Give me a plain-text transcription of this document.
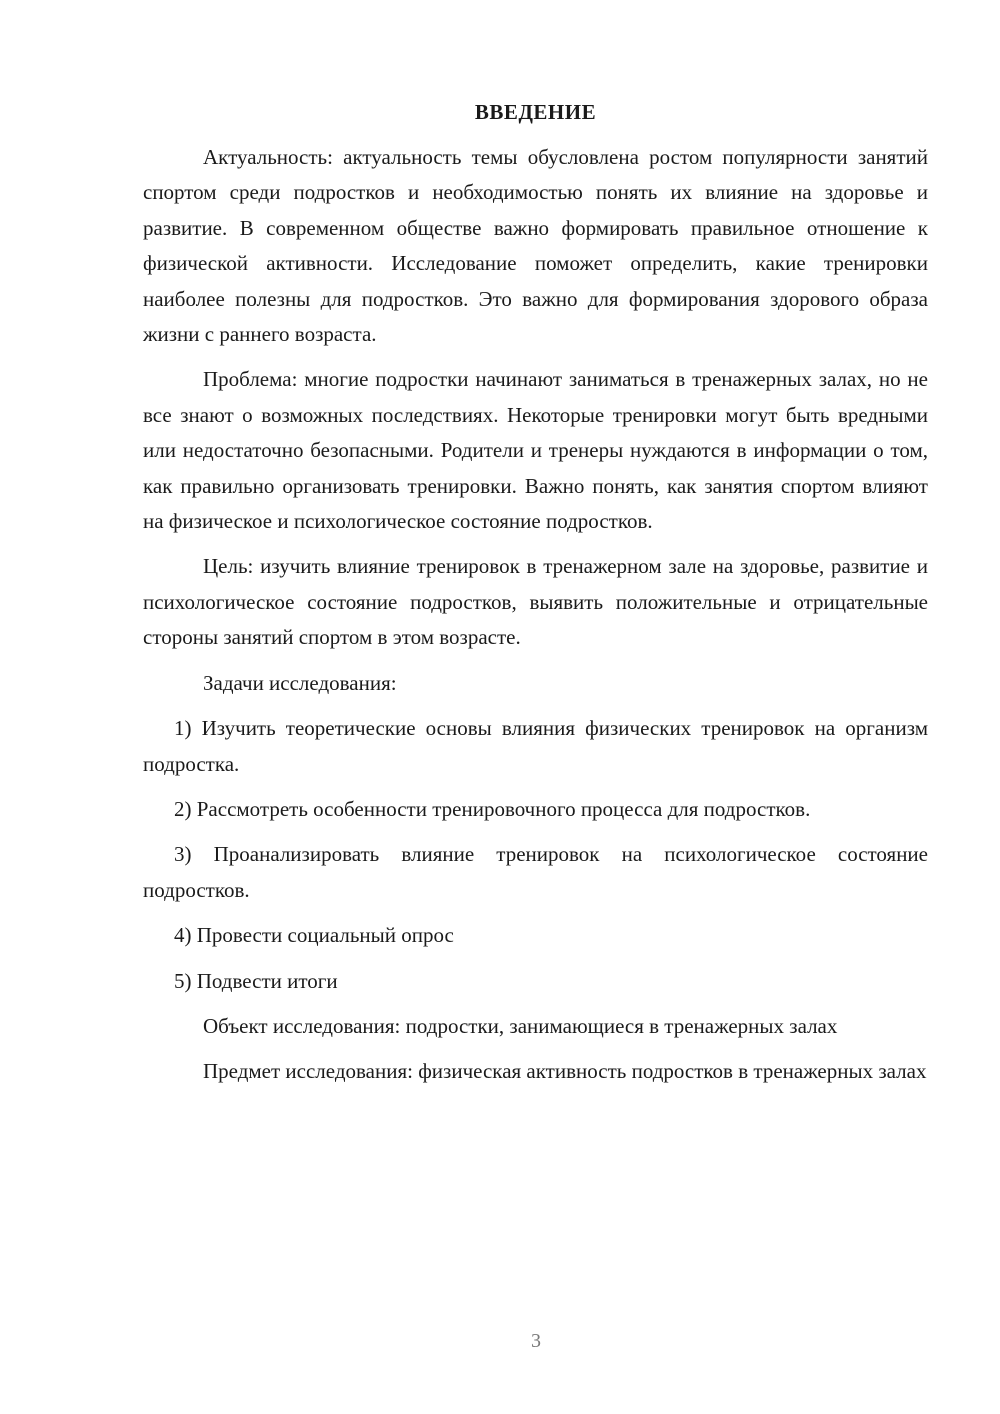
ВВЕДЕНИЕ

Актуальность: актуальность темы обусловлена ростом популярности занятий спортом среди подростков и необходимостью понять их влияние на здоровье и развитие. В современном обществе важно формировать правильное отношение к физической активности. Исследование поможет определить, какие тренировки наиболее полезны для подростков. Это важно для формирования здорового образа жизни с раннего возраста.

Проблема: многие подростки начинают заниматься в тренажерных залах, но не все знают о возможных последствиях. Некоторые тренировки могут быть вредными или недостаточно безопасными. Родители и тренеры нуждаются в информации о том, как правильно организовать тренировки. Важно понять, как занятия спортом влияют на физическое и психологическое состояние подростков.

Цель: изучить влияние тренировок в тренажерном зале на здоровье, развитие и психологическое состояние подростков, выявить положительные и отрицательные стороны занятий спортом в этом возрасте.

Задачи исследования:

1) Изучить теоретические основы влияния физических тренировок на организм подростка.

2) Рассмотреть особенности тренировочного процесса для подростков.

3) Проанализировать влияние тренировок на психологическое состояние подростков.

4) Провести социальный опрос

5) Подвести итоги

Объект исследования: подростки, занимающиеся в тренажерных залах

Предмет исследования: физическая активность подростков в тренажерных залах

3
